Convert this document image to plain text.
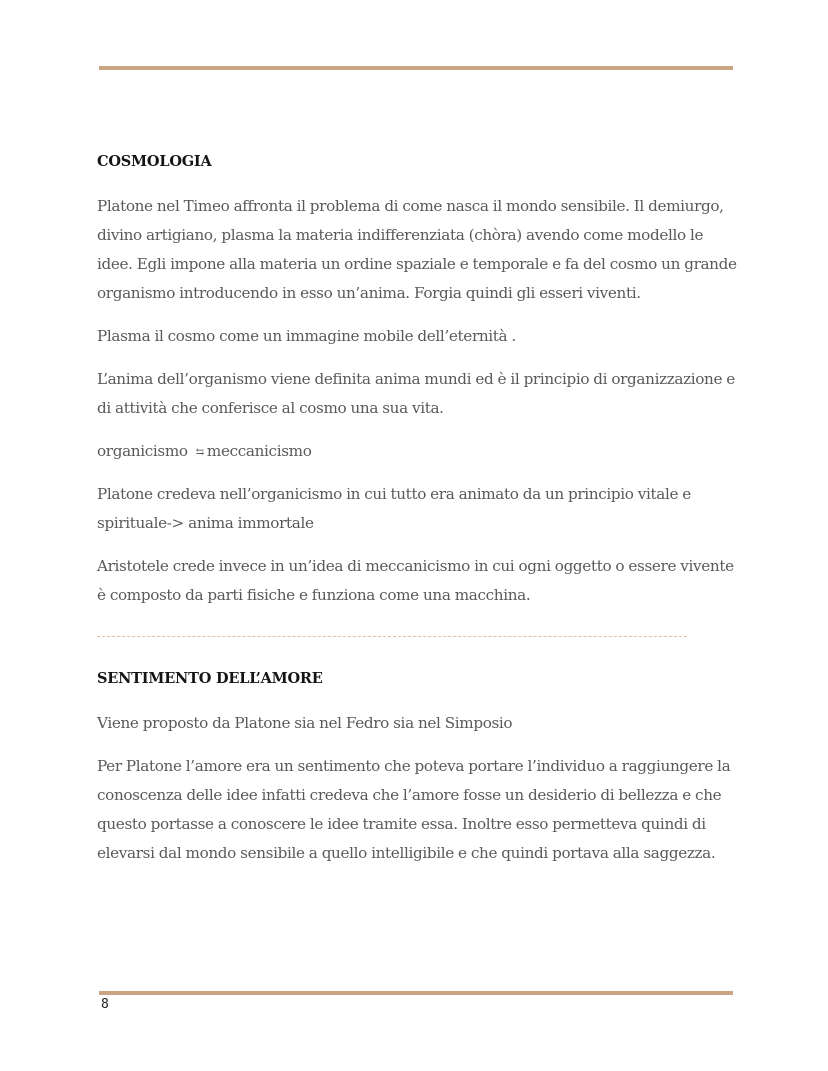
COSMOLOGIA

Platone nel Timeo affronta il problema di come nasca il mondo sensibile. Il demiurgo, divino artigiano, plasma la materia indifferenziata (chòra) avendo come modello le idee. Egli impone alla materia un ordine spaziale e temporale e fa del cosmo un grande organismo introducendo in esso un’anima. Forgia quindi gli esseri viventi.

Plasma il cosmo come un immagine mobile dell’eternità .

L’anima dell’organismo viene definita anima mundi ed è il principio di organizzazione e di attività che conferisce al cosmo una sua vita.

organicismo ⇆ meccanicismo

Platone credeva nell’organicismo in cui tutto era animato da un principio vitale e spirituale-> anima immortale

Aristotele crede invece in un’idea di meccanicismo in cui ogni oggetto o essere vivente è composto da parti fisiche e funziona come una macchina.

SENTIMENTO DELL’AMORE

Viene proposto da Platone sia nel Fedro sia nel Simposio

Per Platone l’amore era un sentimento che poteva portare l’individuo a raggiungere la conoscenza delle idee infatti credeva che l’amore fosse un desiderio di bellezza e che questo portasse a conoscere le idee tramite essa. Inoltre esso permetteva quindi di elevarsi dal mondo sensibile a quello intelligibile e che quindi portava alla saggezza.

8
